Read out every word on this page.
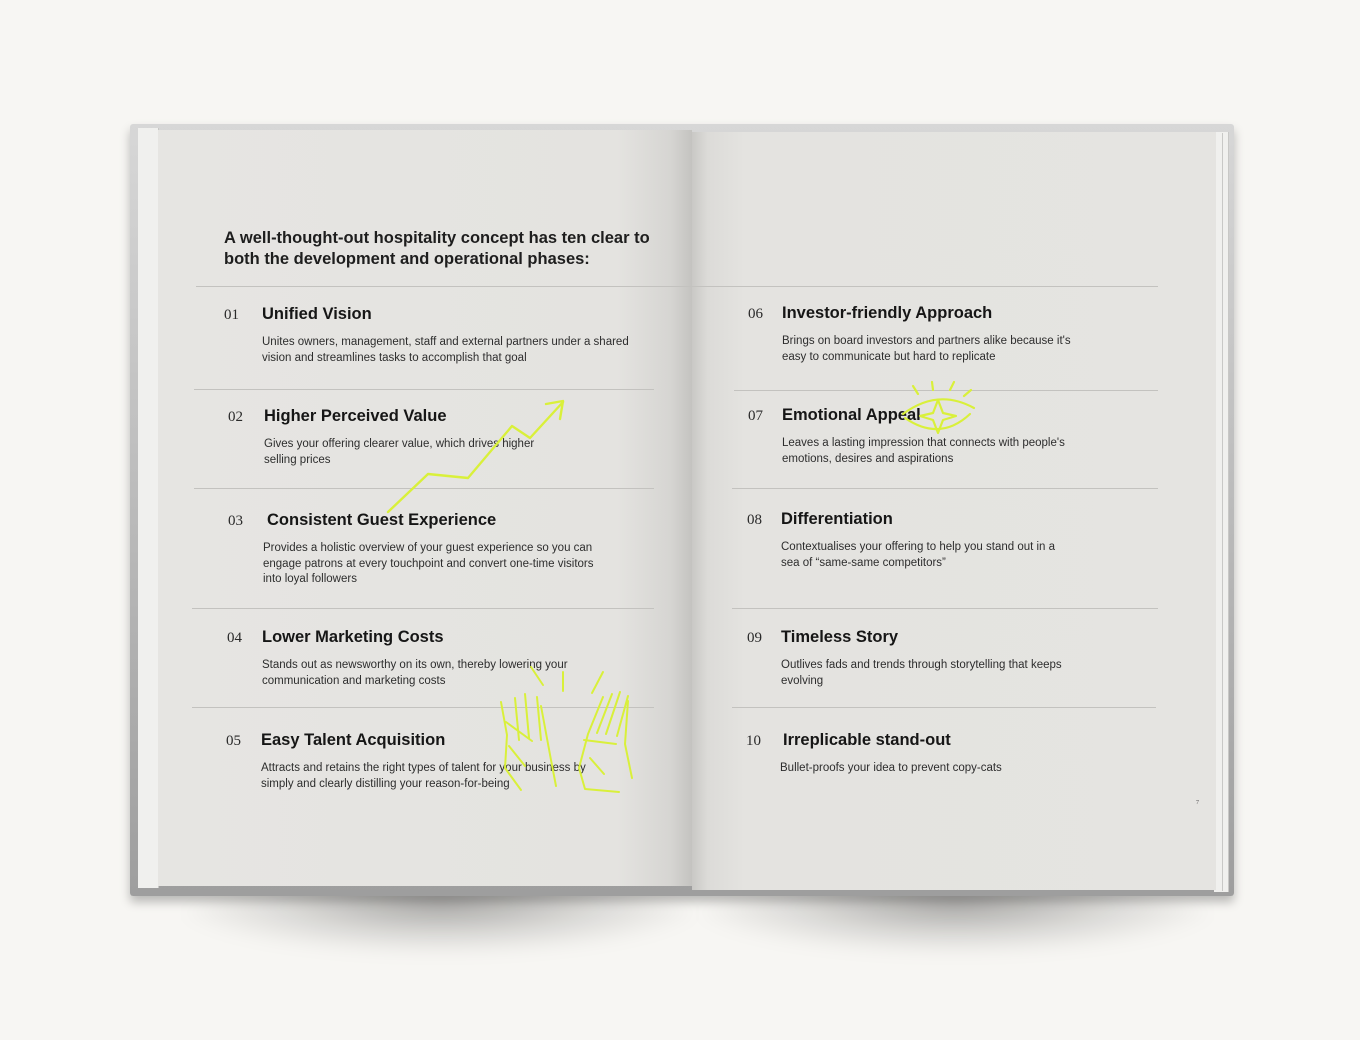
A well-thought-out hospitality concept has ten clear to both the development and operational phases:

01 Unified Vision
Unites owners, management, staff and external partners under a shared vision and streamlines tasks to accomplish that goal
02 Higher Perceived Value
Gives your offering clearer value, which drives higher selling prices
03 Consistent Guest Experience
Provides a holistic overview of your guest experience so you can engage patrons at every touchpoint and convert one-time visitors into loyal followers
04 Lower Marketing Costs
Stands out as newsworthy on its own, thereby lowering your communication and marketing costs
05 Easy Talent Acquisition
Attracts and retains the right types of talent for your business by simply and clearly distilling your reason-for-being
06 Investor-friendly Approach
Brings on board investors and partners alike because it's easy to communicate but hard to replicate
07 Emotional Appeal
Leaves a lasting impression that connects with people's emotions, desires and aspirations
08 Differentiation
Contextualises your offering to help you stand out in a sea of “same-same competitors”
09 Timeless Story
Outlives fads and trends through storytelling that keeps evolving
10 Irreplicable stand-out
Bullet-proofs your idea to prevent copy-cats
7
